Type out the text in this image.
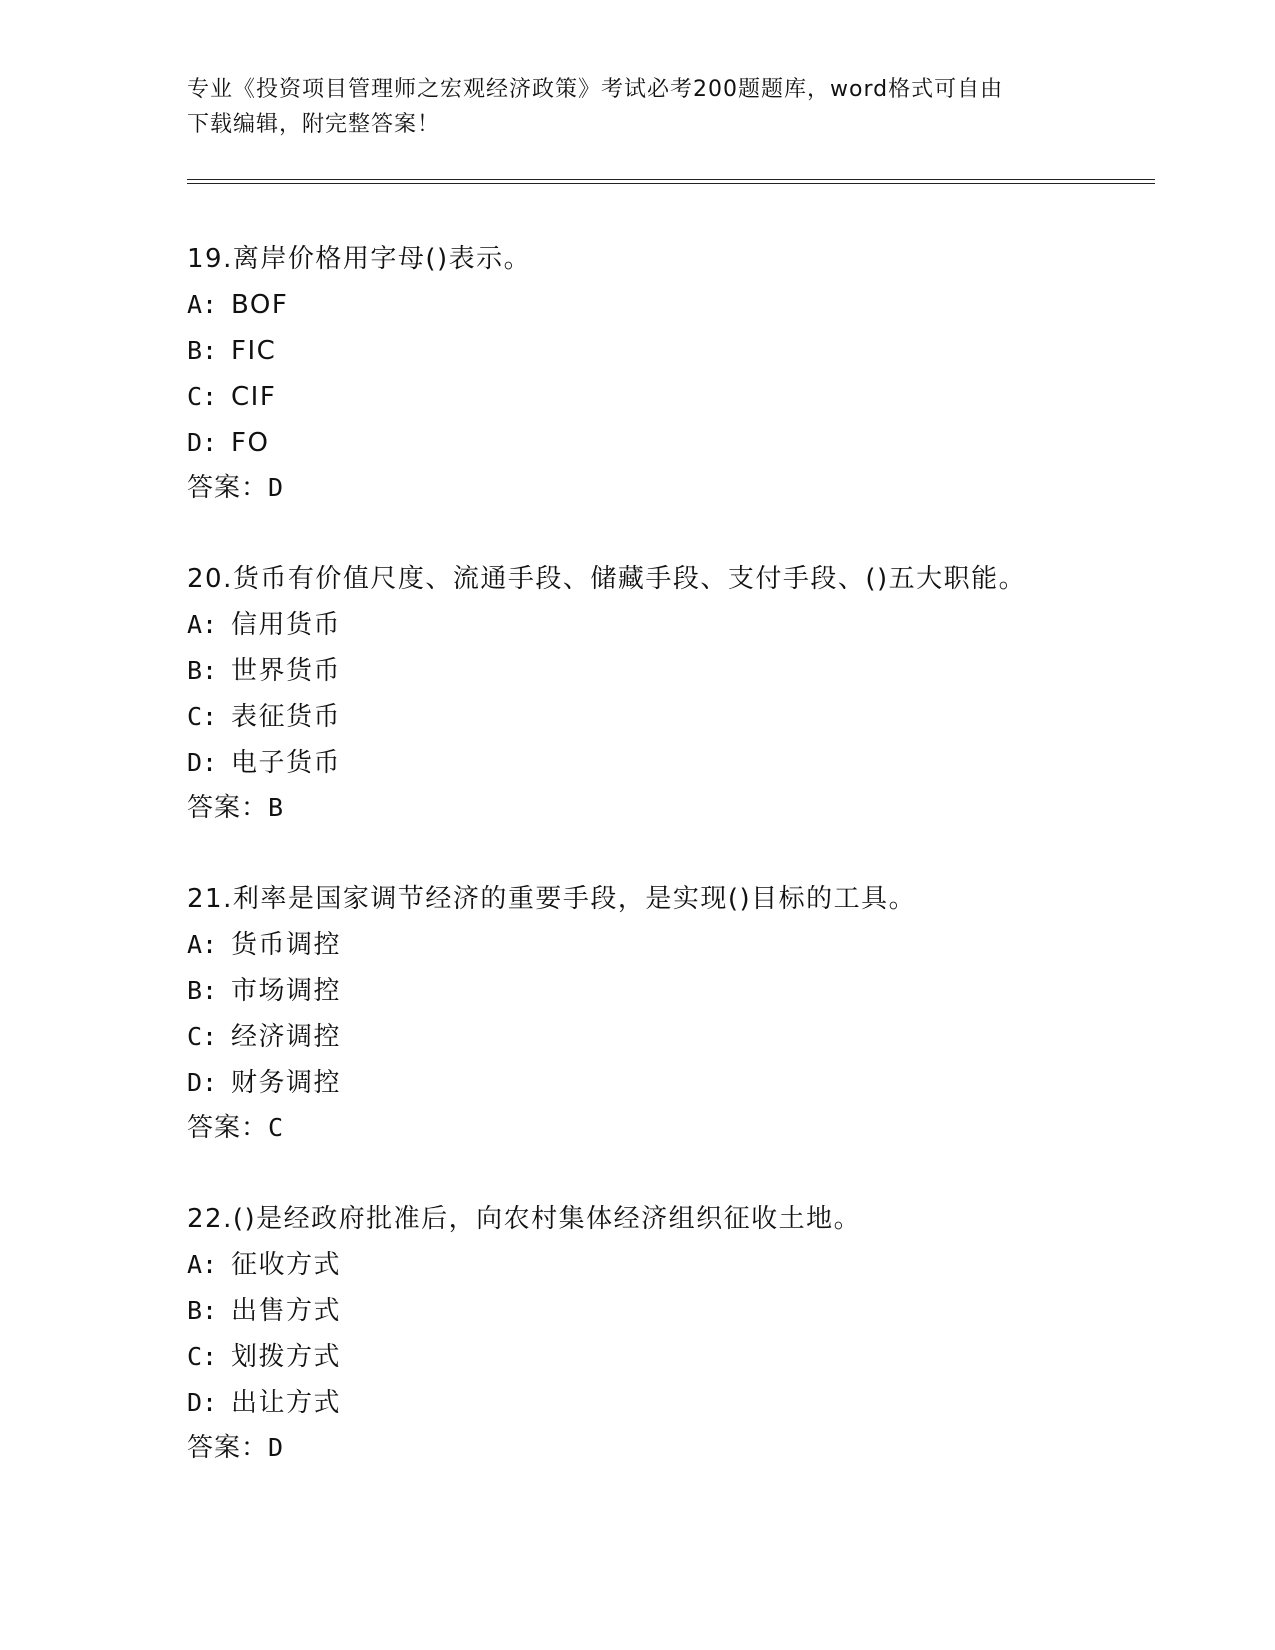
专业《投资项目管理师之宏观经济政策》考试必考200题题库，word格式可自由
下载编辑，附完整答案！
19.离岸价格用字母()表示。
A: BOF
B: FIC
C: CIF
D: FO
答案：D
20.货币有价值尺度、流通手段、储藏手段、支付手段、()五大职能。
A: 信用货币
B: 世界货币
C: 表征货币
D: 电子货币
答案：B
21.利率是国家调节经济的重要手段，是实现()目标的工具。
A: 货币调控
B: 市场调控
C: 经济调控
D: 财务调控
答案：C
22.()是经政府批准后，向农村集体经济组织征收土地。
A: 征收方式
B: 出售方式
C: 划拨方式
D: 出让方式
答案：D
